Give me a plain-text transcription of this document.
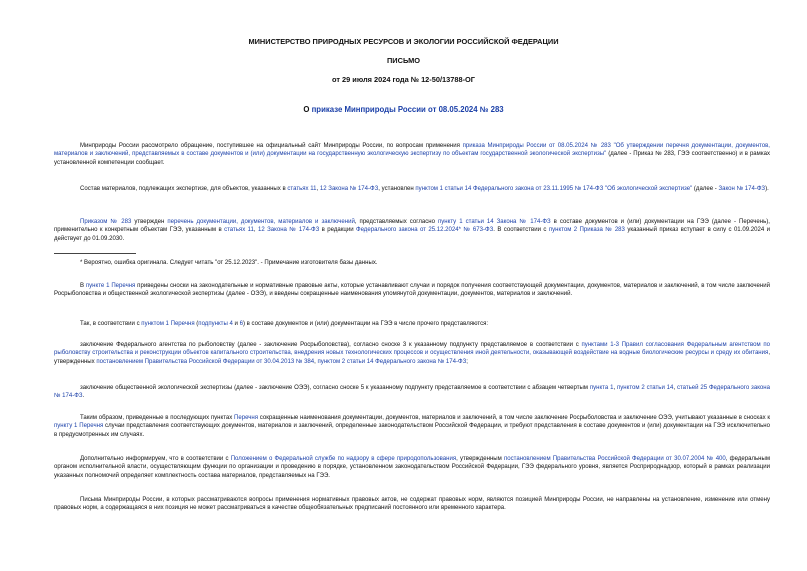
МИНИСТЕРСТВО ПРИРОДНЫХ РЕСУРСОВ И ЭКОЛОГИИ РОССИЙСКОЙ ФЕДЕРАЦИИ
ПИСЬМО
от 29 июля 2024 года № 12-50/13788-ОГ
О приказе Минприроды России от 08.05.2024 № 283
Минприроды России рассмотрело обращение, поступившее на официальный сайт Минприроды России, по вопросам применения приказа Минприроды России от 08.05.2024 № 283 "Об утверждении перечня документации, документов, материалов и заключений, представляемых в составе документов и (или) документации на государственную экологическую экспертизу по объектам государственной экологической экспертизы" (далее - Приказ № 283, ГЭЭ соответственно) и в рамках установленной компетенции сообщает.
Состав материалов, подлежащих экспертизе, для объектов, указанных в статьях 11, 12 Закона № 174-ФЗ, установлен пунктом 1 статьи 14 Федерального закона от 23.11.1995 № 174-ФЗ "Об экологической экспертизе" (далее - Закон № 174-ФЗ).
Приказом № 283 утвержден перечень документации, документов, материалов и заключений, представляемых согласно пункту 1 статьи 14 Закона № 174-ФЗ в составе документов и (или) документации на ГЭЭ (далее - Перечень), применительно к конкретным объектам ГЭЭ, указанным в статьях 11, 12 Закона № 174-ФЗ в редакции Федерального закона от 25.12.2024* № 673-ФЗ. В соответствии с пунктом 2 Приказа № 283 указанный приказ вступает в силу с 01.09.2024 и действует до 01.09.2030.
* Вероятно, ошибка оригинала. Следует читать "от 25.12.2023". - Примечание изготовителя базы данных.
В пункте 1 Перечня приведены сноски на законодательные и нормативные правовые акты, которые устанавливают случаи и порядок получения соответствующей документации, документов, материалов и заключений, в том числе заключений Росрыболовства и общественной экологической экспертизы (далее - ОЭЭ), и введены сокращенные наименования упомянутой документации, документов, материалов и заключений.
Так, в соответствии с пунктом 1 Перечня (подпункты 4 и 6) в составе документов и (или) документации на ГЭЭ в числе прочего представляются:
заключение Федерального агентства по рыболовству (далее - заключение Росрыболовства), согласно сноске 3 к указанному подпункту представляемое в соответствии с пунктами 1-3 Правил согласования Федеральным агентством по рыболовству строительства и реконструкции объектов капитального строительства, внедрения новых технологических процессов и осуществления иной деятельности, оказывающей воздействие на водные биологические ресурсы и среду их обитания, утвержденных постановлением Правительства Российской Федерации от 30.04.2013 № 384, пунктом 2 статьи 14 Федерального закона № 174-ФЗ;
заключение общественной экологической экспертизы (далее - заключение ОЭЭ), согласно сноске 5 к указанному подпункту представляемое в соответствии с абзацем четвертым пункта 1, пунктом 2 статьи 14, статьей 25 Федерального закона № 174-ФЗ.
Таким образом, приведенные в последующих пунктах Перечня сокращенные наименования документации, документов, материалов и заключений, в том числе заключение Росрыболовства и заключение ОЭЭ, учитывают указанные в сносках к пункту 1 Перечня случаи представления соответствующих документов, материалов и заключений, определенные законодательством Российской Федерации, и требуют представления в составе документов и (или) документации на ГЭЭ исключительно в предусмотренных им случаях.
Дополнительно информируем, что в соответствии с Положением о Федеральной службе по надзору в сфере природопользования, утвержденным постановлением Правительства Российской Федерации от 30.07.2004 № 400, федеральным органом исполнительной власти, осуществляющим функции по организации и проведению в порядке, установленном законодательством Российской Федерации, ГЭЭ федерального уровня, является Росприроднадзор, который в рамках реализации указанных полномочий определяет комплектность состава материалов, представляемых на ГЭЭ.
Письма Минприроды России, в которых рассматриваются вопросы применения нормативных правовых актов, не содержат правовых норм, являются позицией Минприроды России, не направлены на установление, изменение или отмену правовых норм, а содержащаяся в них позиция не может рассматриваться в качестве общеобязательных предписаний постоянного или временного характера.
